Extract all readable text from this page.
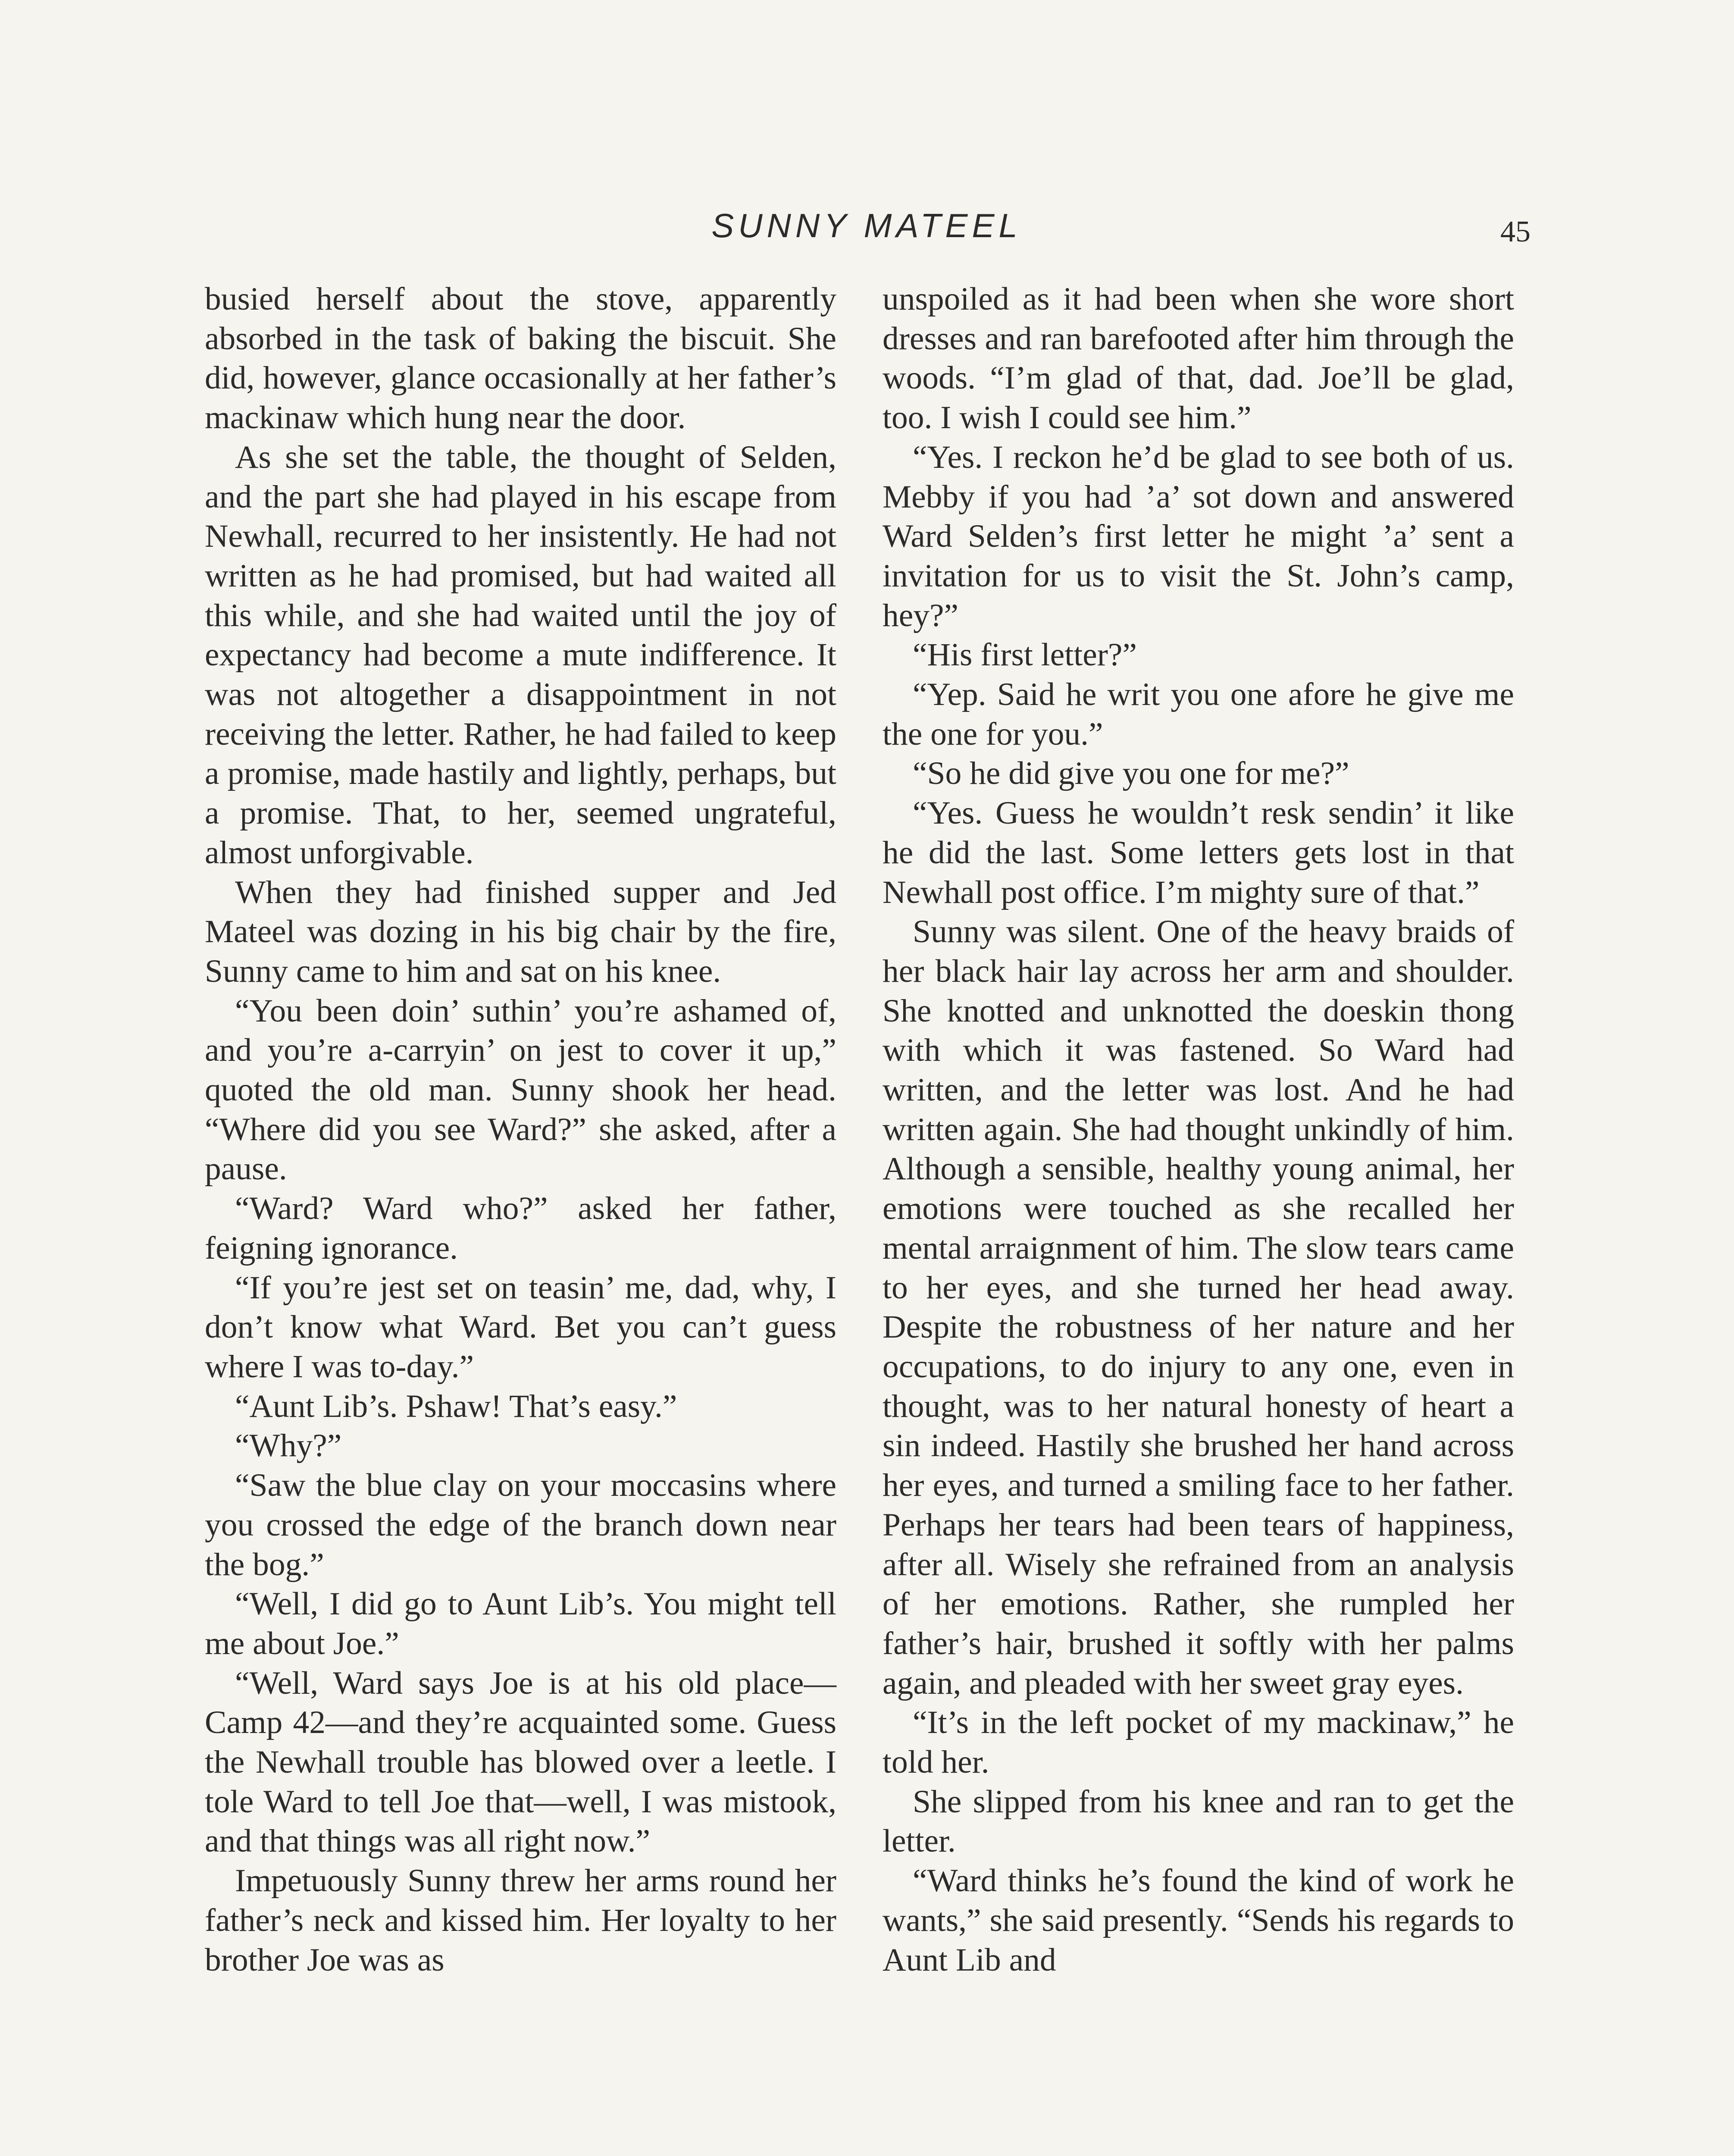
SUNNY MATEEL	45

busied herself about the stove, apparently absorbed in the task of baking the biscuit. She did, however, glance occasionally at her father’s mackinaw which hung near the door.

As she set the table, the thought of Selden, and the part she had played in his escape from Newhall, recurred to her insistently. He had not written as he had promised, but had waited all this while, and she had waited until the joy of expectancy had become a mute indifference. It was not altogether a disappointment in not receiving the letter. Rather, he had failed to keep a promise, made hastily and lightly, perhaps, but a promise. That, to her, seemed ungrateful, almost unforgivable.

When they had finished supper and Jed Mateel was dozing in his big chair by the fire, Sunny came to him and sat on his knee.

“You been doin’ suthin’ you’re ashamed of, and you’re a-carryin’ on jest to cover it up,” quoted the old man. Sunny shook her head. “Where did you see Ward?” she asked, after a pause.

“Ward? Ward who?” asked her father, feigning ignorance.

“If you’re jest set on teasin’ me, dad, why, I don’t know what Ward. Bet you can’t guess where I was to-day.”

“Aunt Lib’s. Pshaw! That’s easy.”

“Why?”

“Saw the blue clay on your moccasins where you crossed the edge of the branch down near the bog.”

“Well, I did go to Aunt Lib’s. You might tell me about Joe.”

“Well, Ward says Joe is at his old place—Camp 42—and they’re acquainted some. Guess the Newhall trouble has blowed over a leetle. I tole Ward to tell Joe that—well, I was mistook, and that things was all right now.”

Impetuously Sunny threw her arms round her father’s neck and kissed him. Her loyalty to her brother Joe was as

unspoiled as it had been when she wore short dresses and ran barefooted after him through the woods. “I’m glad of that, dad. Joe’ll be glad, too. I wish I could see him.”

“Yes. I reckon he’d be glad to see both of us. Mebby if you had ’a’ sot down and answered Ward Selden’s first letter he might ’a’ sent a invitation for us to visit the St. John’s camp, hey?”

“His first letter?”

“Yep. Said he writ you one afore he give me the one for you.”

“So he did give you one for me?”

“Yes. Guess he wouldn’t resk sendin’ it like he did the last. Some letters gets lost in that Newhall post office. I’m mighty sure of that.”

Sunny was silent. One of the heavy braids of her black hair lay across her arm and shoulder. She knotted and unknotted the doeskin thong with which it was fastened. So Ward had written, and the letter was lost. And he had written again. She had thought unkindly of him. Although a sensible, healthy young animal, her emotions were touched as she recalled her mental arraignment of him. The slow tears came to her eyes, and she turned her head away. Despite the robustness of her nature and her occupations, to do injury to any one, even in thought, was to her natural honesty of heart a sin indeed. Hastily she brushed her hand across her eyes, and turned a smiling face to her father. Perhaps her tears had been tears of happiness, after all. Wisely she refrained from an analysis of her emotions. Rather, she rumpled her father’s hair, brushed it softly with her palms again, and pleaded with her sweet gray eyes.

“It’s in the left pocket of my mackinaw,” he told her.

She slipped from his knee and ran to get the letter.

“Ward thinks he’s found the kind of work he wants,” she said presently. “Sends his regards to Aunt Lib and
